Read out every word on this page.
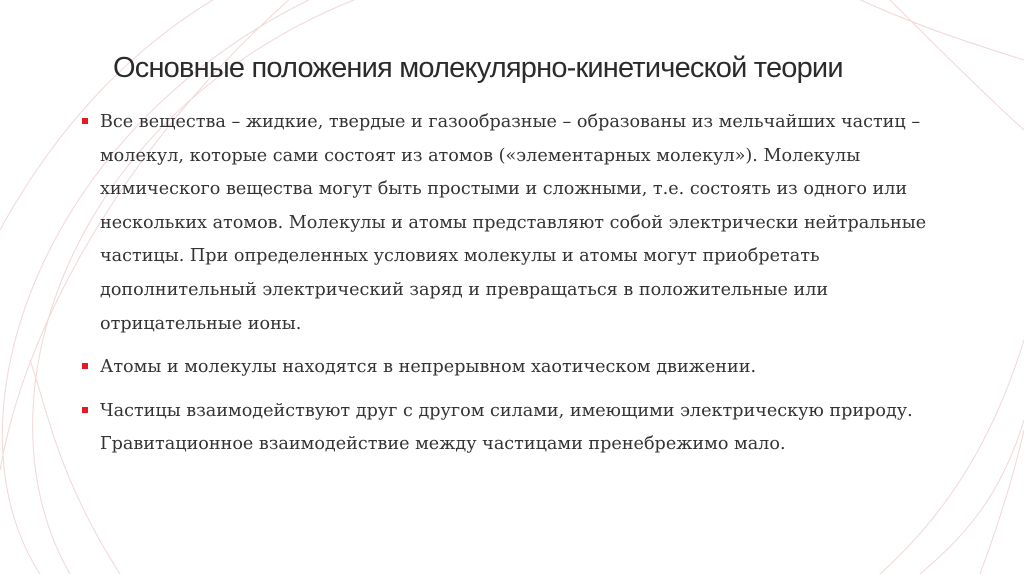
Основные положения молекулярно-кинетической теории
Все вещества – жидкие, твердые и газообразные – образованы из мельчайших частиц – молекул, которые сами состоят из атомов («элементарных молекул»). Молекулы химического вещества могут быть простыми и сложными, т.е. состоять из одного или нескольких атомов. Молекулы и атомы представляют собой электрически нейтральные частицы. При определенных условиях молекулы и атомы могут приобретать дополнительный электрический заряд и превращаться в положительные или отрицательные ионы.
Атомы и молекулы находятся в непрерывном хаотическом движении.
Частицы взаимодействуют друг с другом силами, имеющими электрическую природу. Гравитационное взаимодействие между частицами пренебрежимо мало.
